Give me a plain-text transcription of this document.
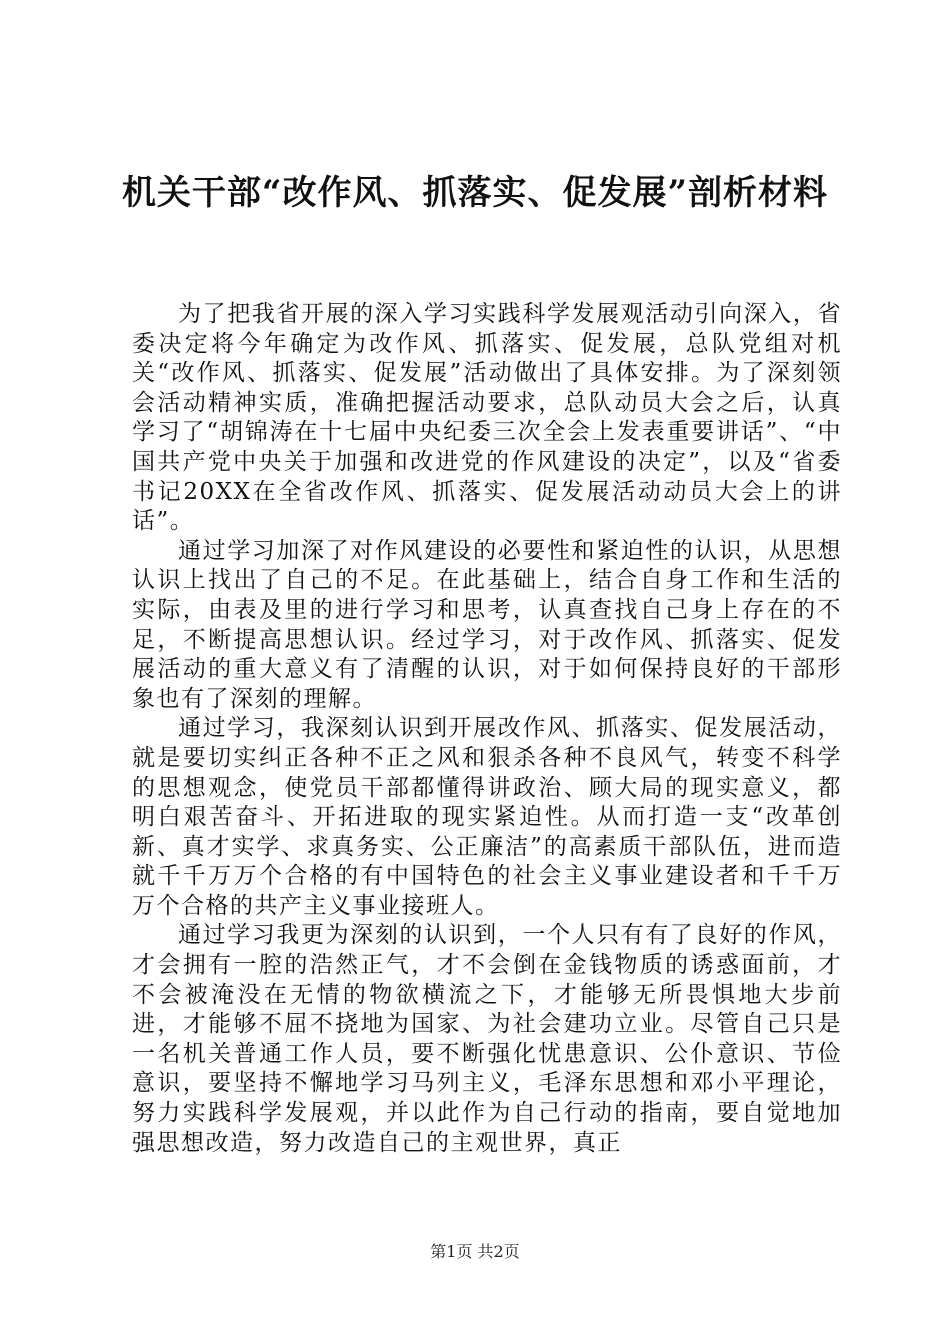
机关干部“改作风、抓落实、促发展”剖析材料

为了把我省开展的深入学习实践科学发展观活动引向深入，省委决定将今年确定为改作风、抓落实、促发展，总队党组对机关“改作风、抓落实、促发展”活动做出了具体安排。为了深刻领会活动精神实质，准确把握活动要求，总队动员大会之后，认真学习了“胡锦涛在十七届中央纪委三次全会上发表重要讲话”、“中国共产党中央关于加强和改进党的作风建设的决定”，以及“省委书记20XX在全省改作风、抓落实、促发展活动动员大会上的讲话”。

通过学习加深了对作风建设的必要性和紧迫性的认识，从思想认识上找出了自己的不足。在此基础上，结合自身工作和生活的实际，由表及里的进行学习和思考，认真查找自己身上存在的不足，不断提高思想认识。经过学习，对于改作风、抓落实、促发展活动的重大意义有了清醒的认识，对于如何保持良好的干部形象也有了深刻的理解。

通过学习，我深刻认识到开展改作风、抓落实、促发展活动，就是要切实纠正各种不正之风和狠杀各种不良风气，转变不科学的思想观念，使党员干部都懂得讲政治、顾大局的现实意义，都明白艰苦奋斗、开拓进取的现实紧迫性。从而打造一支“改革创新、真才实学、求真务实、公正廉洁”的高素质干部队伍，进而造就千千万万个合格的有中国特色的社会主义事业建设者和千千万万个合格的共产主义事业接班人。

通过学习我更为深刻的认识到，一个人只有有了良好的作风，才会拥有一腔的浩然正气，才不会倒在金钱物质的诱惑面前，才不会被淹没在无情的物欲横流之下，才能够无所畏惧地大步前进，才能够不屈不挠地为国家、为社会建功立业。尽管自己只是一名机关普通工作人员，要不断强化忧患意识、公仆意识、节俭意识，要坚持不懈地学习马列主义，毛泽东思想和邓小平理论，努力实践科学发展观，并以此作为自己行动的指南，要自觉地加强思想改造，努力改造自己的主观世界，真正

第1页 共2页
